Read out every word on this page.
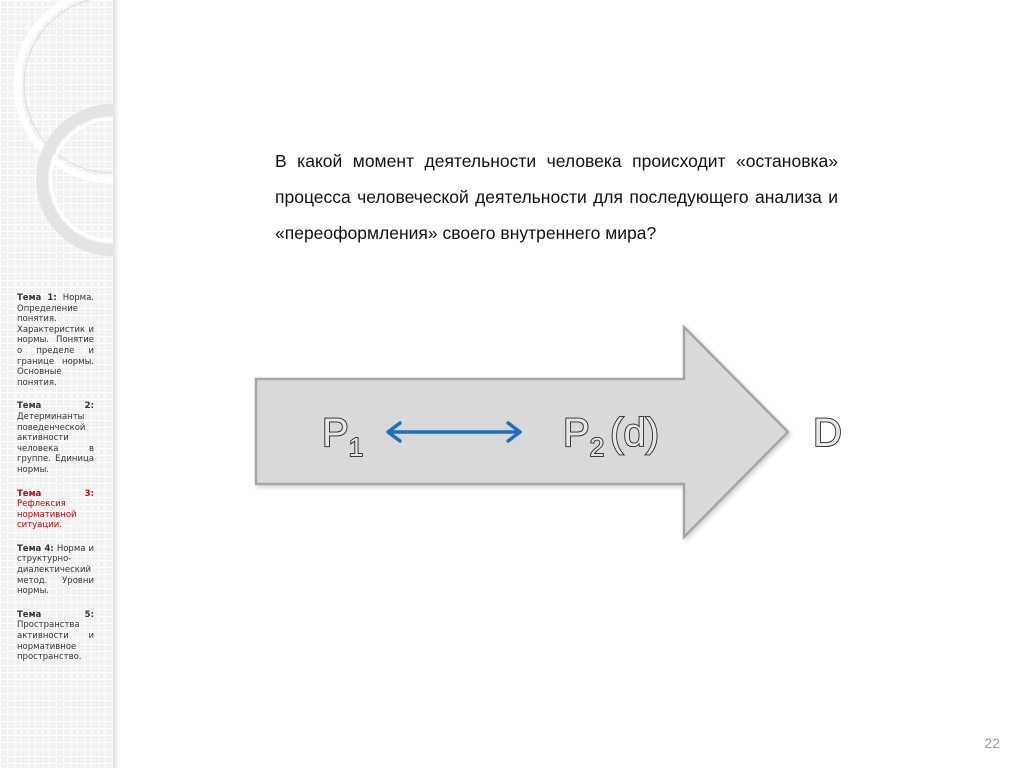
Тема 1: Норма. Определение понятия. Характеристик и нормы. Понятие о пределе и границе нормы. Основные понятия.
Тема 2: Детерминанты поведенческой активности человека в группе. Единица нормы.
Тема 3: Рефлексия нормативной ситуации.
Тема 4: Норма и структурно-диалектический метод. Уровни нормы.
Тема 5: Пространства активности и нормативное пространство.
В какой момент деятельности человека происходит «остановка» процесса человеческой деятельности для последующего анализа и «переоформления» своего внутреннего мира?
$P_1$	$P_2$ (d)	D
22
